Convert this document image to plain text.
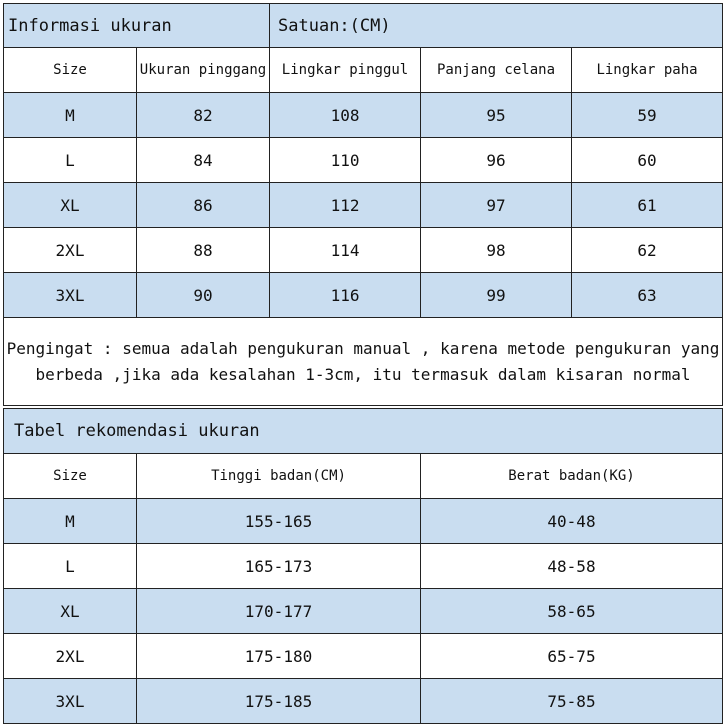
Informasi ukuran		Satuan:(CM)		
Size	Ukuran pinggang	Lingkar pinggul	Panjang celana	Lingkar paha
M	82	108	95	59
L	84	110	96	60
XL	86	112	97	61
2XL	88	114	98	62
3XL	90	116	99	63

Pengingat : semua adalah pengukuran manual , karena metode pengukuran yang
berbeda ,jika ada kesalahan 1-3cm, itu termasuk dalam kisaran normal				
Tabel rekomendasi ukuran		
Size	Tinggi badan(CM)	Berat badan(KG)
M	155-165	40-48
L	165-173	48-58
XL	170-177	58-65
2XL	175-180	65-75
3XL	175-185	75-85
